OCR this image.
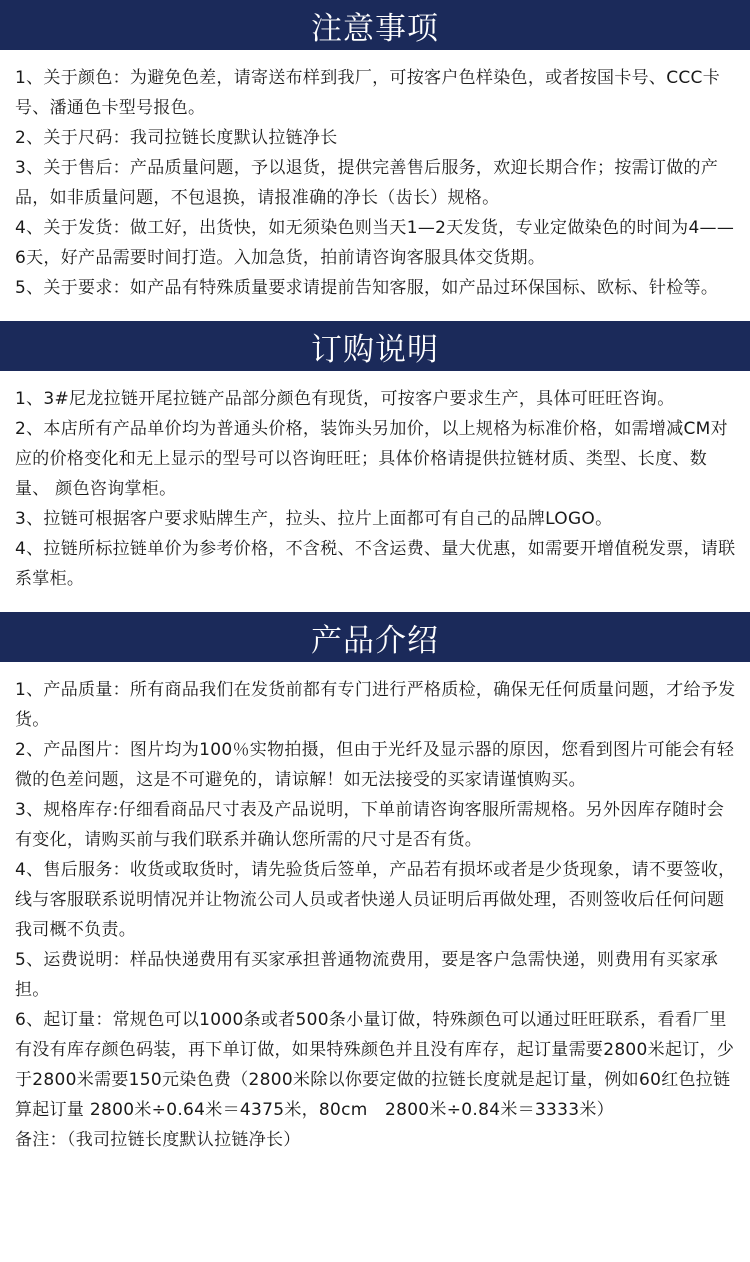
注意事项

1、关于颜色：为避免色差，请寄送布样到我厂，可按客户色样染色，或者按国卡号、CCC卡号、潘通色卡型号报色。

2、关于尺码：我司拉链长度默认拉链净长

3、关于售后：产品质量问题，予以退货，提供完善售后服务，欢迎长期合作；按需订做的产品，如非质量问题，不包退换，请报准确的净长（齿长）规格。

4、关于发货：做工好，出货快，如无须染色则当天1—2天发货，专业定做染色的时间为4——6天，好产品需要时间打造。入加急货，拍前请咨询客服具体交货期。

5、关于要求：如产品有特殊质量要求请提前告知客服，如产品过环保国标、欧标、针检等。

订购说明

1、3#尼龙拉链开尾拉链产品部分颜色有现货，可按客户要求生产，具体可旺旺咨询。

2、本店所有产品单价均为普通头价格，装饰头另加价，以上规格为标准价格，如需增减CM对应的价格变化和无上显示的型号可以咨询旺旺；具体价格请提供拉链材质、类型、长度、数量、 颜色咨询掌柜。

3、拉链可根据客户要求贴牌生产，拉头、拉片上面都可有自己的品牌LOGO。

4、拉链所标拉链单价为参考价格，不含税、不含运费、量大优惠，如需要开增值税发票，请联系掌柜。

产品介绍

1、产品质量：所有商品我们在发货前都有专门进行严格质检，确保无任何质量问题，才给予发货。

2、产品图片：图片均为100％实物拍摄，但由于光纤及显示器的原因，您看到图片可能会有轻微的色差问题，这是不可避免的，请谅解！如无法接受的买家请谨慎购买。

3、规格库存:仔细看商品尺寸表及产品说明，下单前请咨询客服所需规格。另外因库存随时会有变化，请购买前与我们联系并确认您所需的尺寸是否有货。

4、售后服务：收货或取货时，请先验货后签单，产品若有损坏或者是少货现象，请不要签收，线与客服联系说明情况并让物流公司人员或者快递人员证明后再做处理，否则签收后任何问题我司概不负责。

5、运费说明：样品快递费用有买家承担普通物流费用，要是客户急需快递，则费用有买家承担。

6、起订量：常规色可以1000条或者500条小量订做，特殊颜色可以通过旺旺联系，看看厂里有没有库存颜色码装，再下单订做，如果特殊颜色并且没有库存，起订量需要2800米起订，少于2800米需要150元染色费（2800米除以你要定做的拉链长度就是起订量，例如60红色拉链算起订量 2800米÷0.64米＝4375米，80cm　2800米÷0.84米＝3333米）

备注：（我司拉链长度默认拉链净长）
